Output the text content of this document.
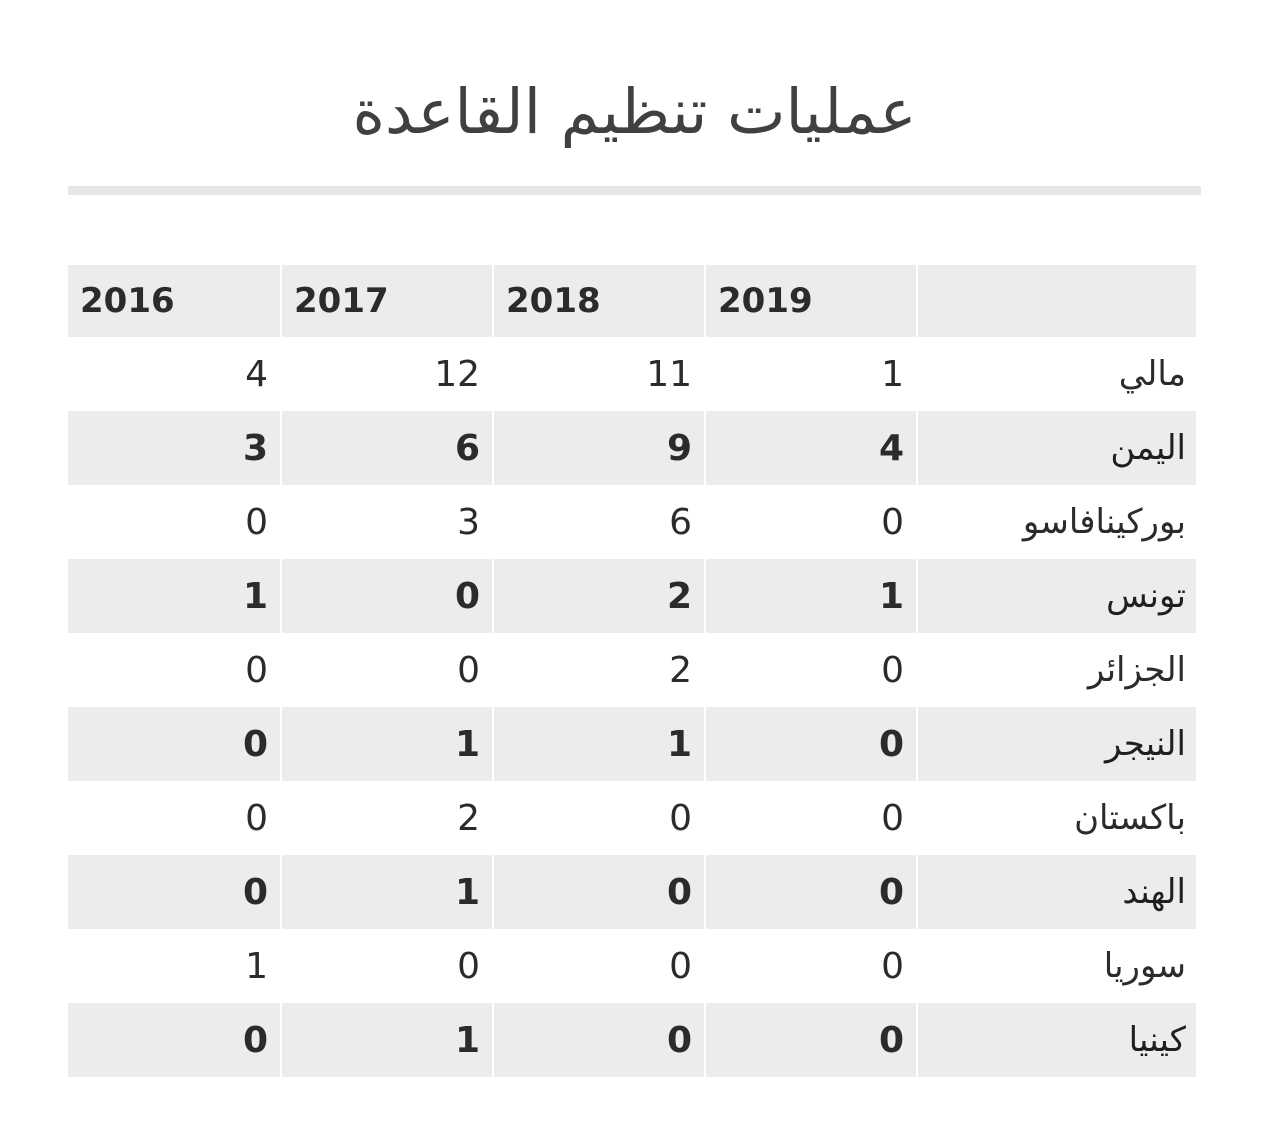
عمليات تنظيم القاعدة
2016	2017	2018	2019
4	12	11	1	مالي
3	6	9	4	اليمن
0	3	6	0	بوركينافاسو
1	0	2	1	تونس
0	0	2	0	الجزائر
0	1	1	0	النيجر
0	2	0	0	باكستان
0	1	0	0	الهند
1	0	0	0	سوريا
0	1	0	0	كينيا
